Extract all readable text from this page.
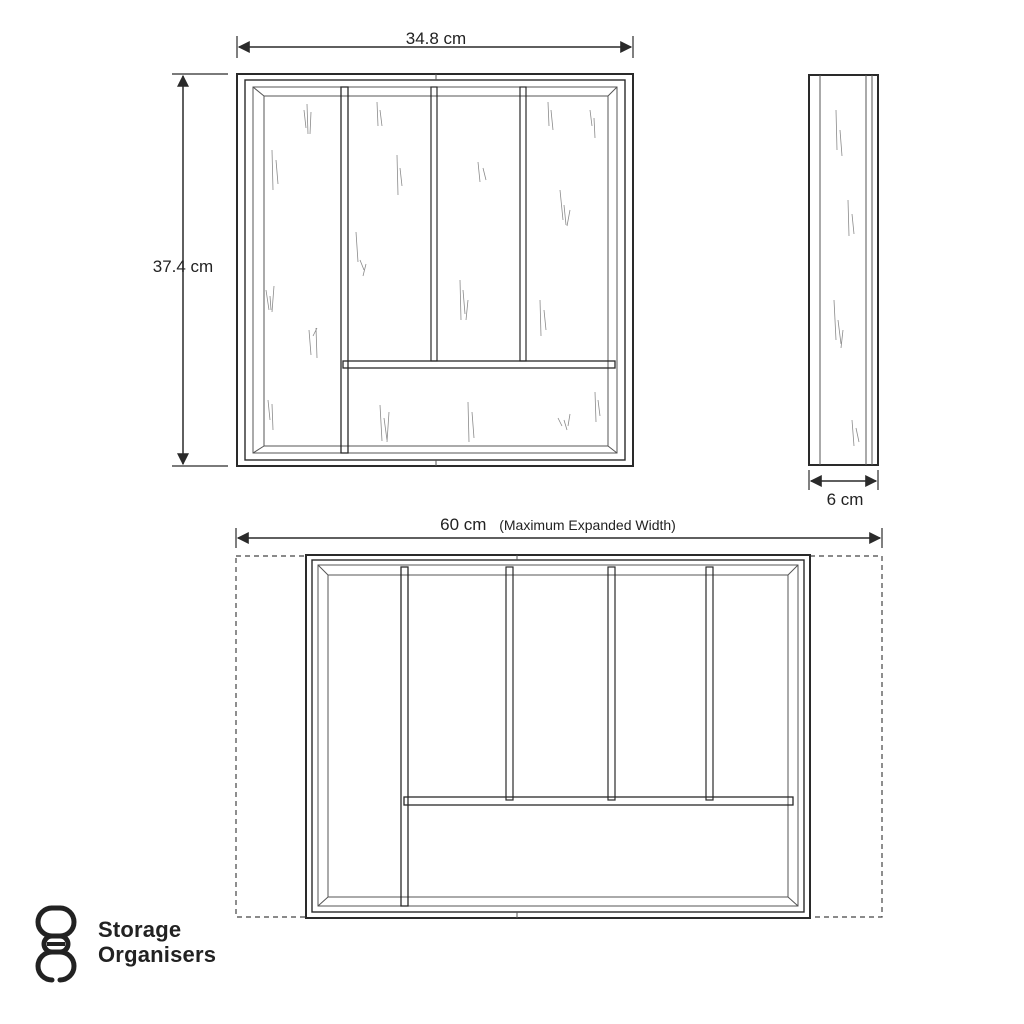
34.8 cm
37.4 cm
6 cm
60 cm (Maximum Expanded Width)
Storage
Organisers
